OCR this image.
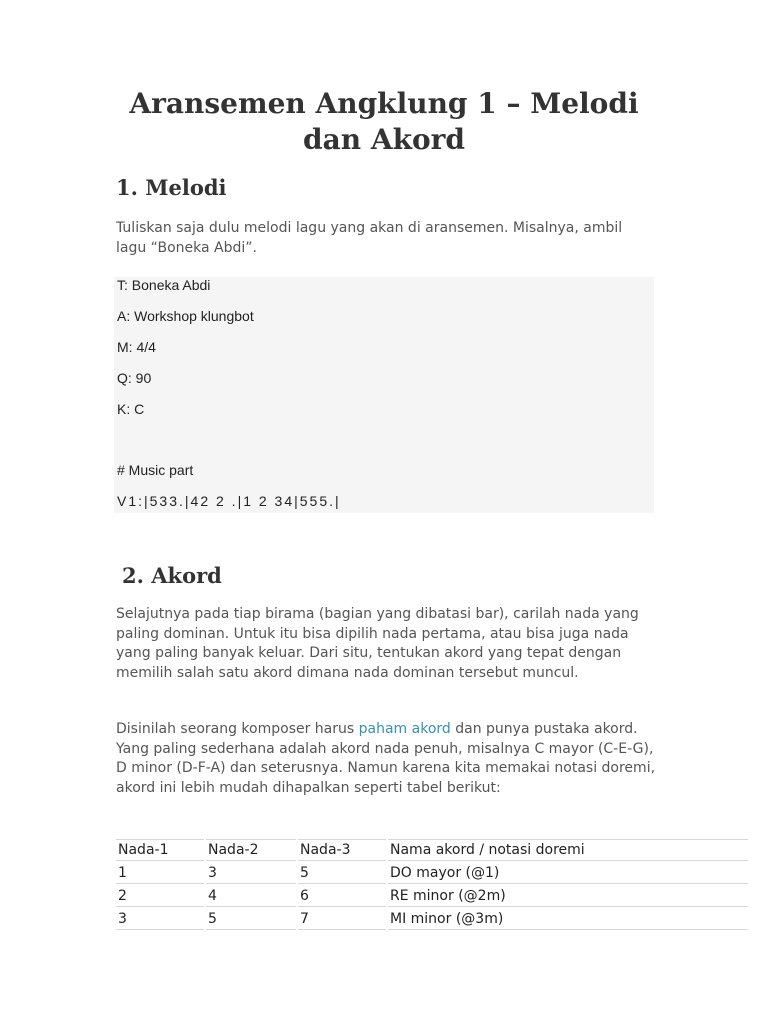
Aransemen Angklung 1 – Melodi dan Akord
1. Melodi

Tuliskan saja dulu melodi lagu yang akan di aransemen. Misalnya, ambil lagu “Boneka Abdi”.

T: Boneka Abdi
A: Workshop klungbot
M: 4/4
Q: 90
K: C
# Music part
V1:|533.|42 2 .|1 2 34|555.|
2. Akord

Selajutnya pada tiap birama (bagian yang dibatasi bar), carilah nada yang paling dominan. Untuk itu bisa dipilih nada pertama, atau bisa juga nada yang paling banyak keluar. Dari situ, tentukan akord yang tepat dengan memilih salah satu akord dimana nada dominan tersebut muncul.

Disinilah seorang komposer harus paham akord dan punya pustaka akord. Yang paling sederhana adalah akord nada penuh, misalnya C mayor (C-E-G), D minor (D-F-A) dan seterusnya. Namun karena kita memakai notasi doremi, akord ini lebih mudah dihapalkan seperti tabel berikut:

Nada-1	Nada-2	Nada-3	Nama akord / notasi doremi
1	3	5	DO mayor (@1)
2	4	6	RE minor (@2m)
3	5	7	MI minor (@3m)
